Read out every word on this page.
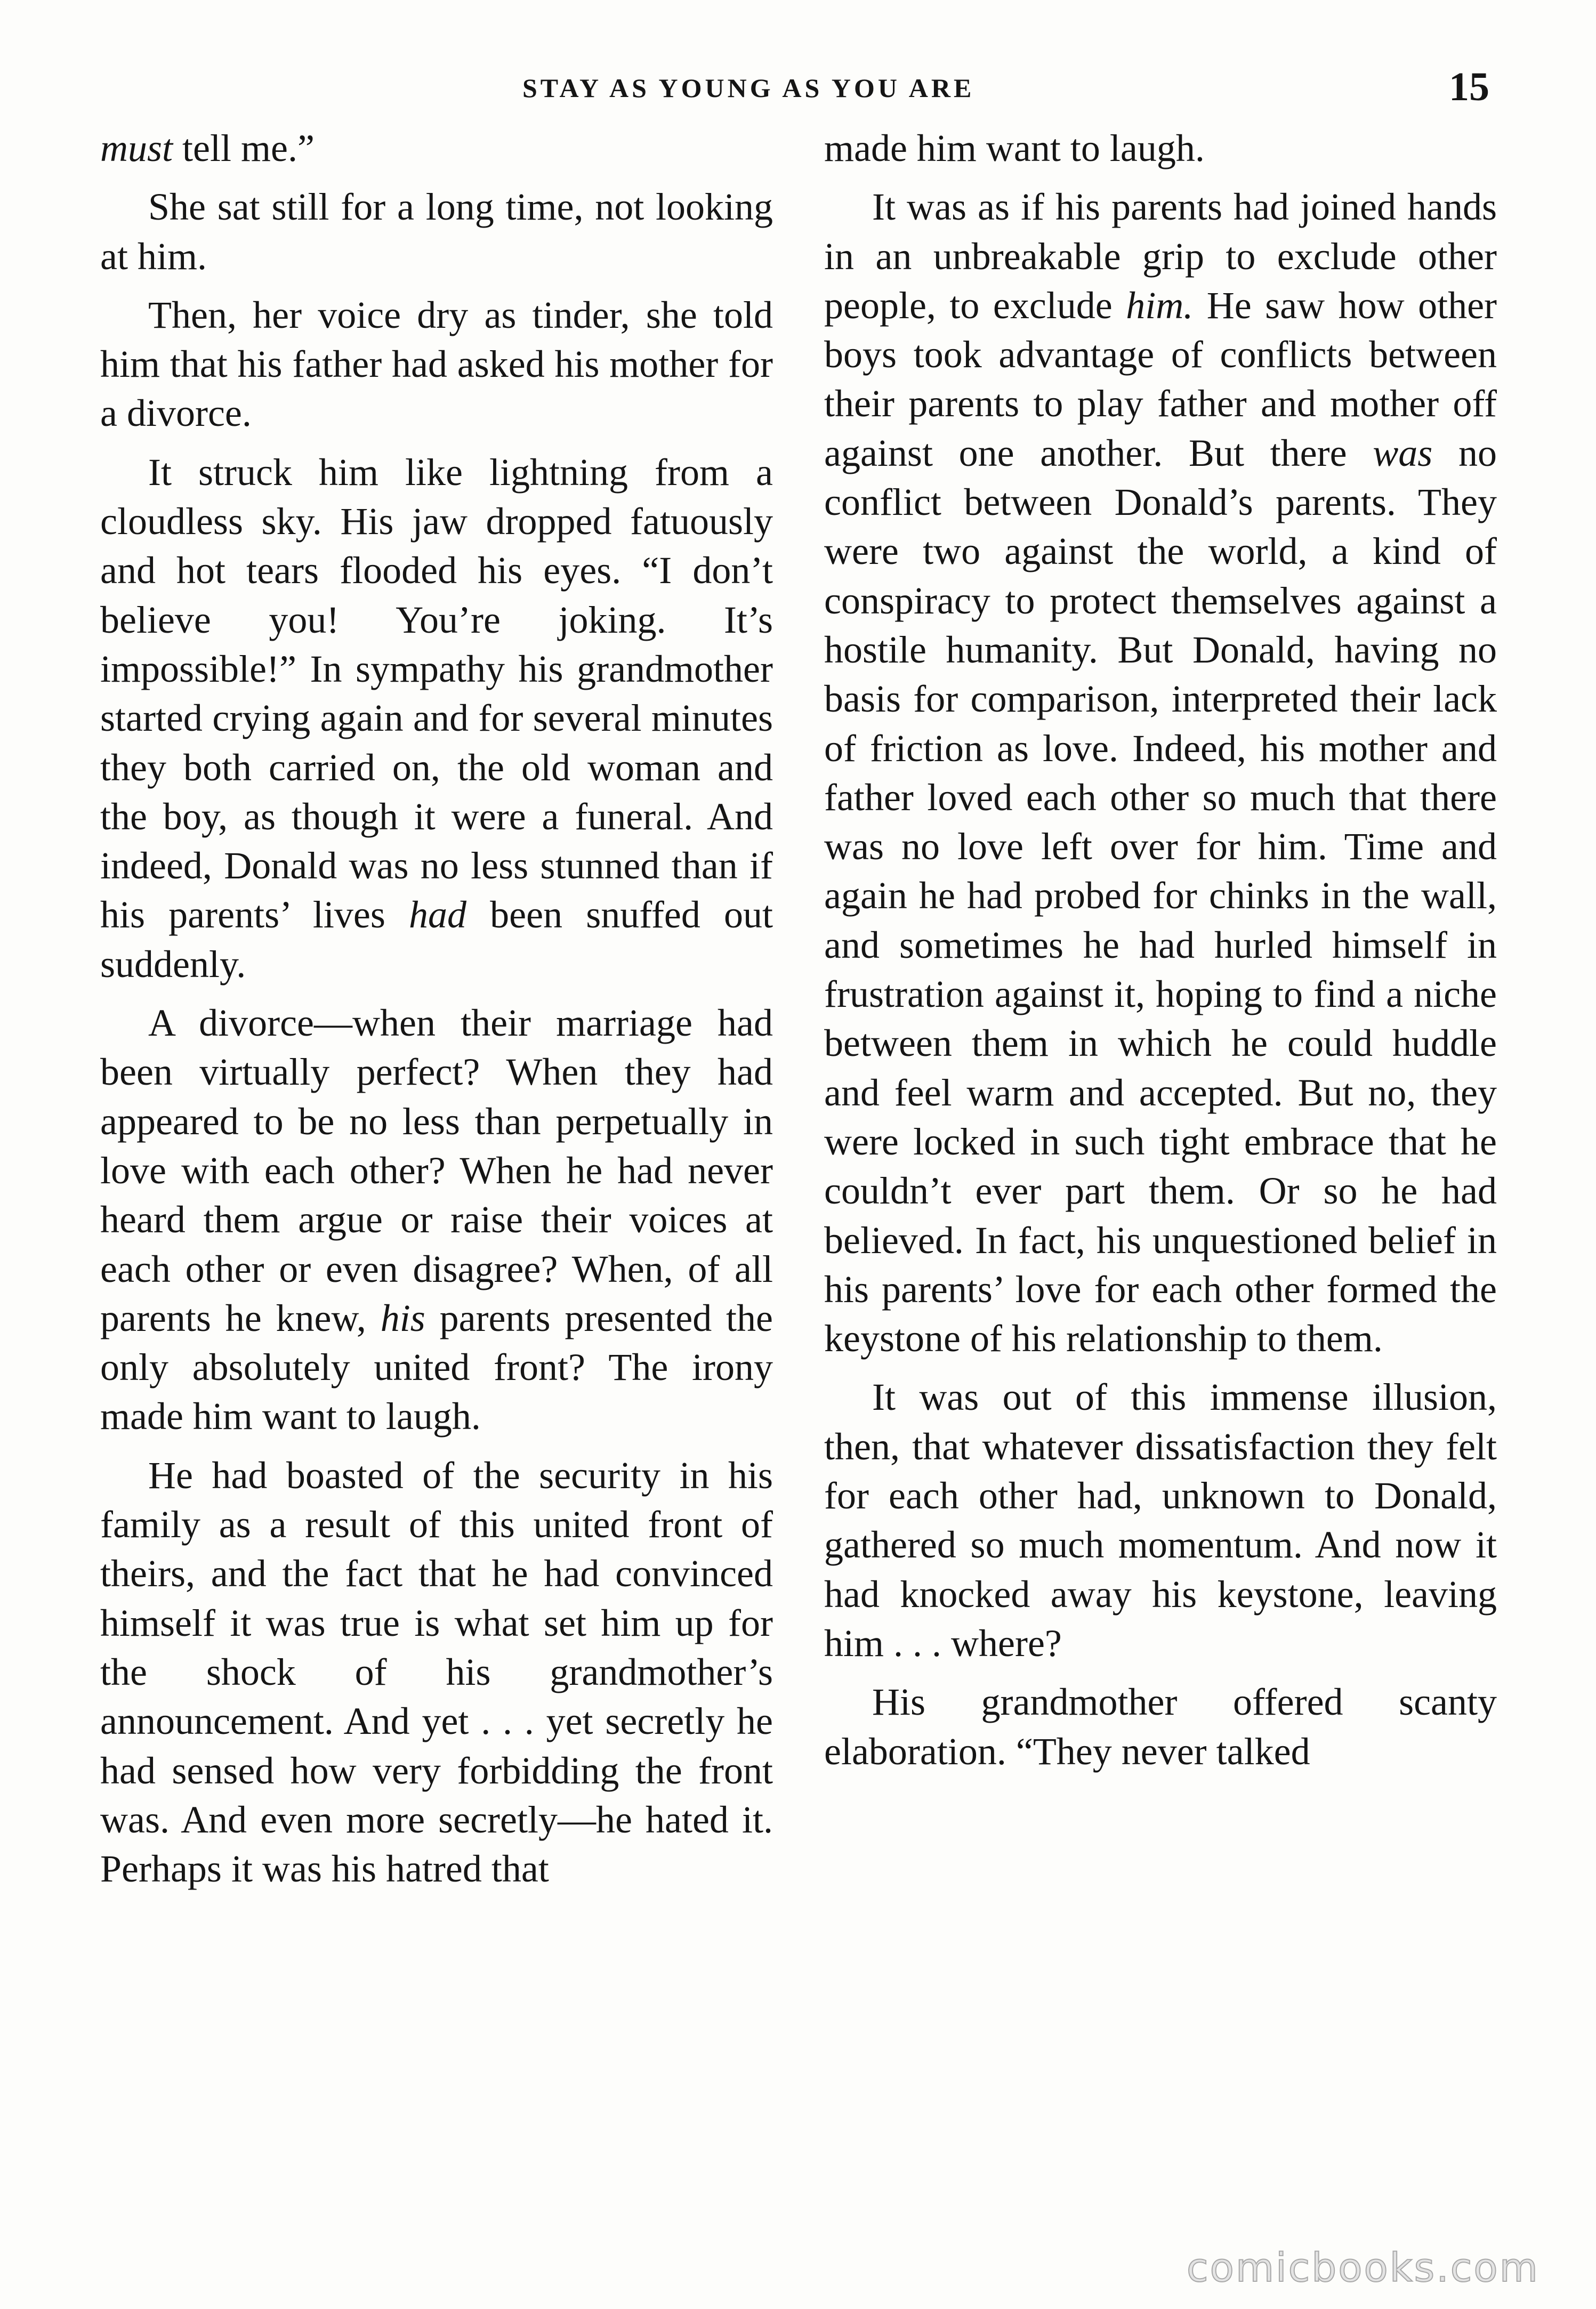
STAY AS YOUNG AS YOU ARE	15

must tell me.”

She sat still for a long time, not looking at him.

Then, her voice dry as tinder, she told him that his father had asked his mother for a divorce.

It struck him like lightning from a cloudless sky. His jaw dropped fatuously and hot tears flooded his eyes. “I don’t believe you! You’re joking. It’s impossible!” In sympathy his grandmother started crying again and for several minutes they both carried on, the old woman and the boy, as though it were a funeral. And indeed, Donald was no less stunned than if his parents’ lives had been snuffed out suddenly.

A divorce—when their marriage had been virtually perfect? When they had appeared to be no less than perpetually in love with each other? When he had never heard them argue or raise their voices at each other or even disagree? When, of all parents he knew, his parents presented the only absolutely united front? The irony made him want to laugh.

He had boasted of the security in his family as a result of this united front of theirs, and the fact that he had convinced himself it was true is what set him up for the shock of his grandmother’s announcement. And yet . . . yet secretly he had sensed how very forbidding the front was. And even more secretly—he hated it. Perhaps it was his hatred that

made him want to laugh.

It was as if his parents had joined hands in an unbreakable grip to exclude other people, to exclude him. He saw how other boys took advantage of conflicts between their parents to play father and mother off against one another. But there was no conflict between Donald’s parents. They were two against the world, a kind of conspiracy to protect themselves against a hostile humanity. But Donald, having no basis for comparison, interpreted their lack of friction as love. Indeed, his mother and father loved each other so much that there was no love left over for him. Time and again he had probed for chinks in the wall, and sometimes he had hurled himself in frustration against it, hoping to find a niche between them in which he could huddle and feel warm and accepted. But no, they were locked in such tight embrace that he couldn’t ever part them. Or so he had believed. In fact, his unquestioned belief in his parents’ love for each other formed the keystone of his relationship to them.

It was out of this immense illusion, then, that whatever dissatisfaction they felt for each other had, unknown to Donald, gathered so much momentum. And now it had knocked away his keystone, leaving him . . . where?

His grandmother offered scanty elaboration. “They never talked

comicbooks.com
